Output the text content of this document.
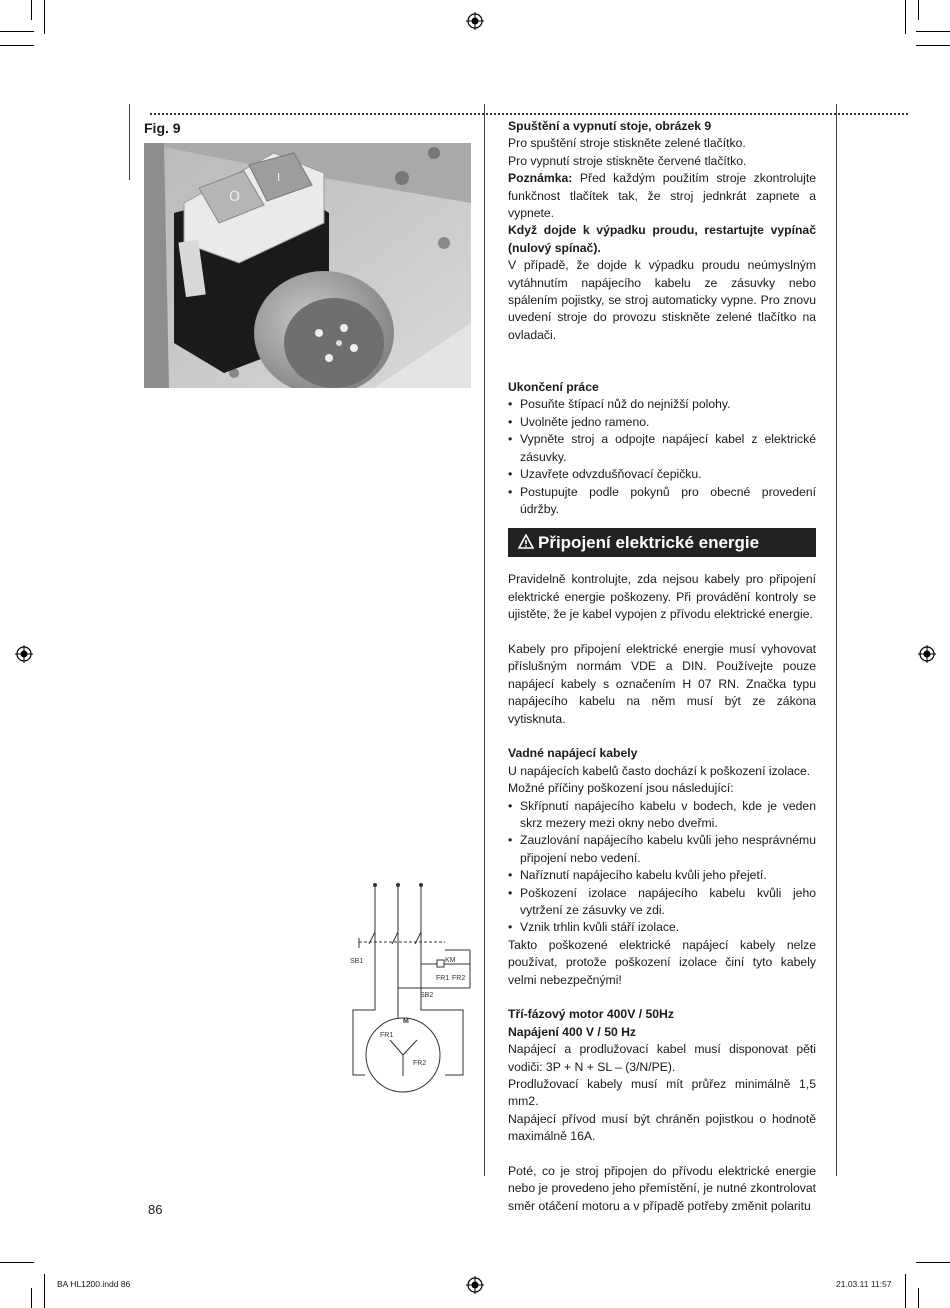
Fig. 9
O
I
SB1
SB2
KM
FR1 FR2
M
FR1
FR2

Spuštění a vypnutí stoje, obrázek 9

Pro spuštění stroje stiskněte zelené tlačítko.

Pro vypnutí stroje stiskněte červené tlačítko.

Poznámka: Před každým použitím stroje zkontrolujte funkčnost tlačítek tak, že stroj jednkrát zapnete a vypnete.

Když dojde k výpadku proudu, restartujte vypínač (nulový spínač).

V případě, že dojde k výpadku proudu neúmyslným vytáhnutím napájecího kabelu ze zásuvky nebo spálením pojistky, se stroj automaticky vypne. Pro znovu uvedení stroje do provozu stiskněte zelené tlačítko na ovladači.

Ukončení práce

• Posuňte štípací nůž do nejnižší polohy.
• Uvolněte jedno rameno.
• Vypněte stroj a odpojte napájecí kabel z elektrické zásuvky.
• Uzavřete odvzdušňovací čepičku.
• Postupujte podle pokynů pro obecné provedení údržby.
Připojení elektrické energie

Pravidelně kontrolujte, zda nejsou kabely pro připojení elektrické energie poškozeny. Při provádění kontroly se ujistěte, že je kabel vypojen z přívodu elektrické energie.

Kabely pro připojení elektrické energie musí vyhovovat příslušným normám VDE a DIN. Používejte pouze napájecí kabely s označením H 07 RN. Značka typu napájecího kabelu na něm musí být ze zákona vytisknuta.

Vadné napájecí kabely

U napájecích kabelů často dochází k poškození izolace.

Možné příčiny poškození jsou následující:

• Skřípnutí napájecího kabelu v bodech, kde je veden skrz mezery mezi okny nebo dveřmi.
• Zauzlování napájecího kabelu kvůli jeho nesprávnému připojení nebo vedení.
• Naříznutí napájecího kabelu kvůli jeho přejetí.
• Poškození izolace napájecího kabelu kvůli jeho vytržení ze zásuvky ve zdi.
• Vznik trhlin kvůli stáří izolace.

Takto poškozené elektrické napájecí kabely nelze používat, protože poškození izolace činí tyto kabely velmi nebezpečnými!

Tří-fázový motor 400V / 50Hz

Napájení 400 V / 50 Hz

Napájecí a prodlužovací kabel musí disponovat pěti vodiči: 3P + N + SL – (3/N/PE).

Prodlužovací kabely musí mít průřez minimálně 1,5 mm2.

Napájecí přívod musí být chráněn pojistkou o hodnotě maximálně 16A.

Poté, co je stroj připojen do přívodu elektrické energie nebo je provedeno jeho přemístění, je nutné zkontrolovat směr otáčení motoru a v případě potřeby změnit polaritu

86
BA HL1200.indd 86	21.03.11 11:57
